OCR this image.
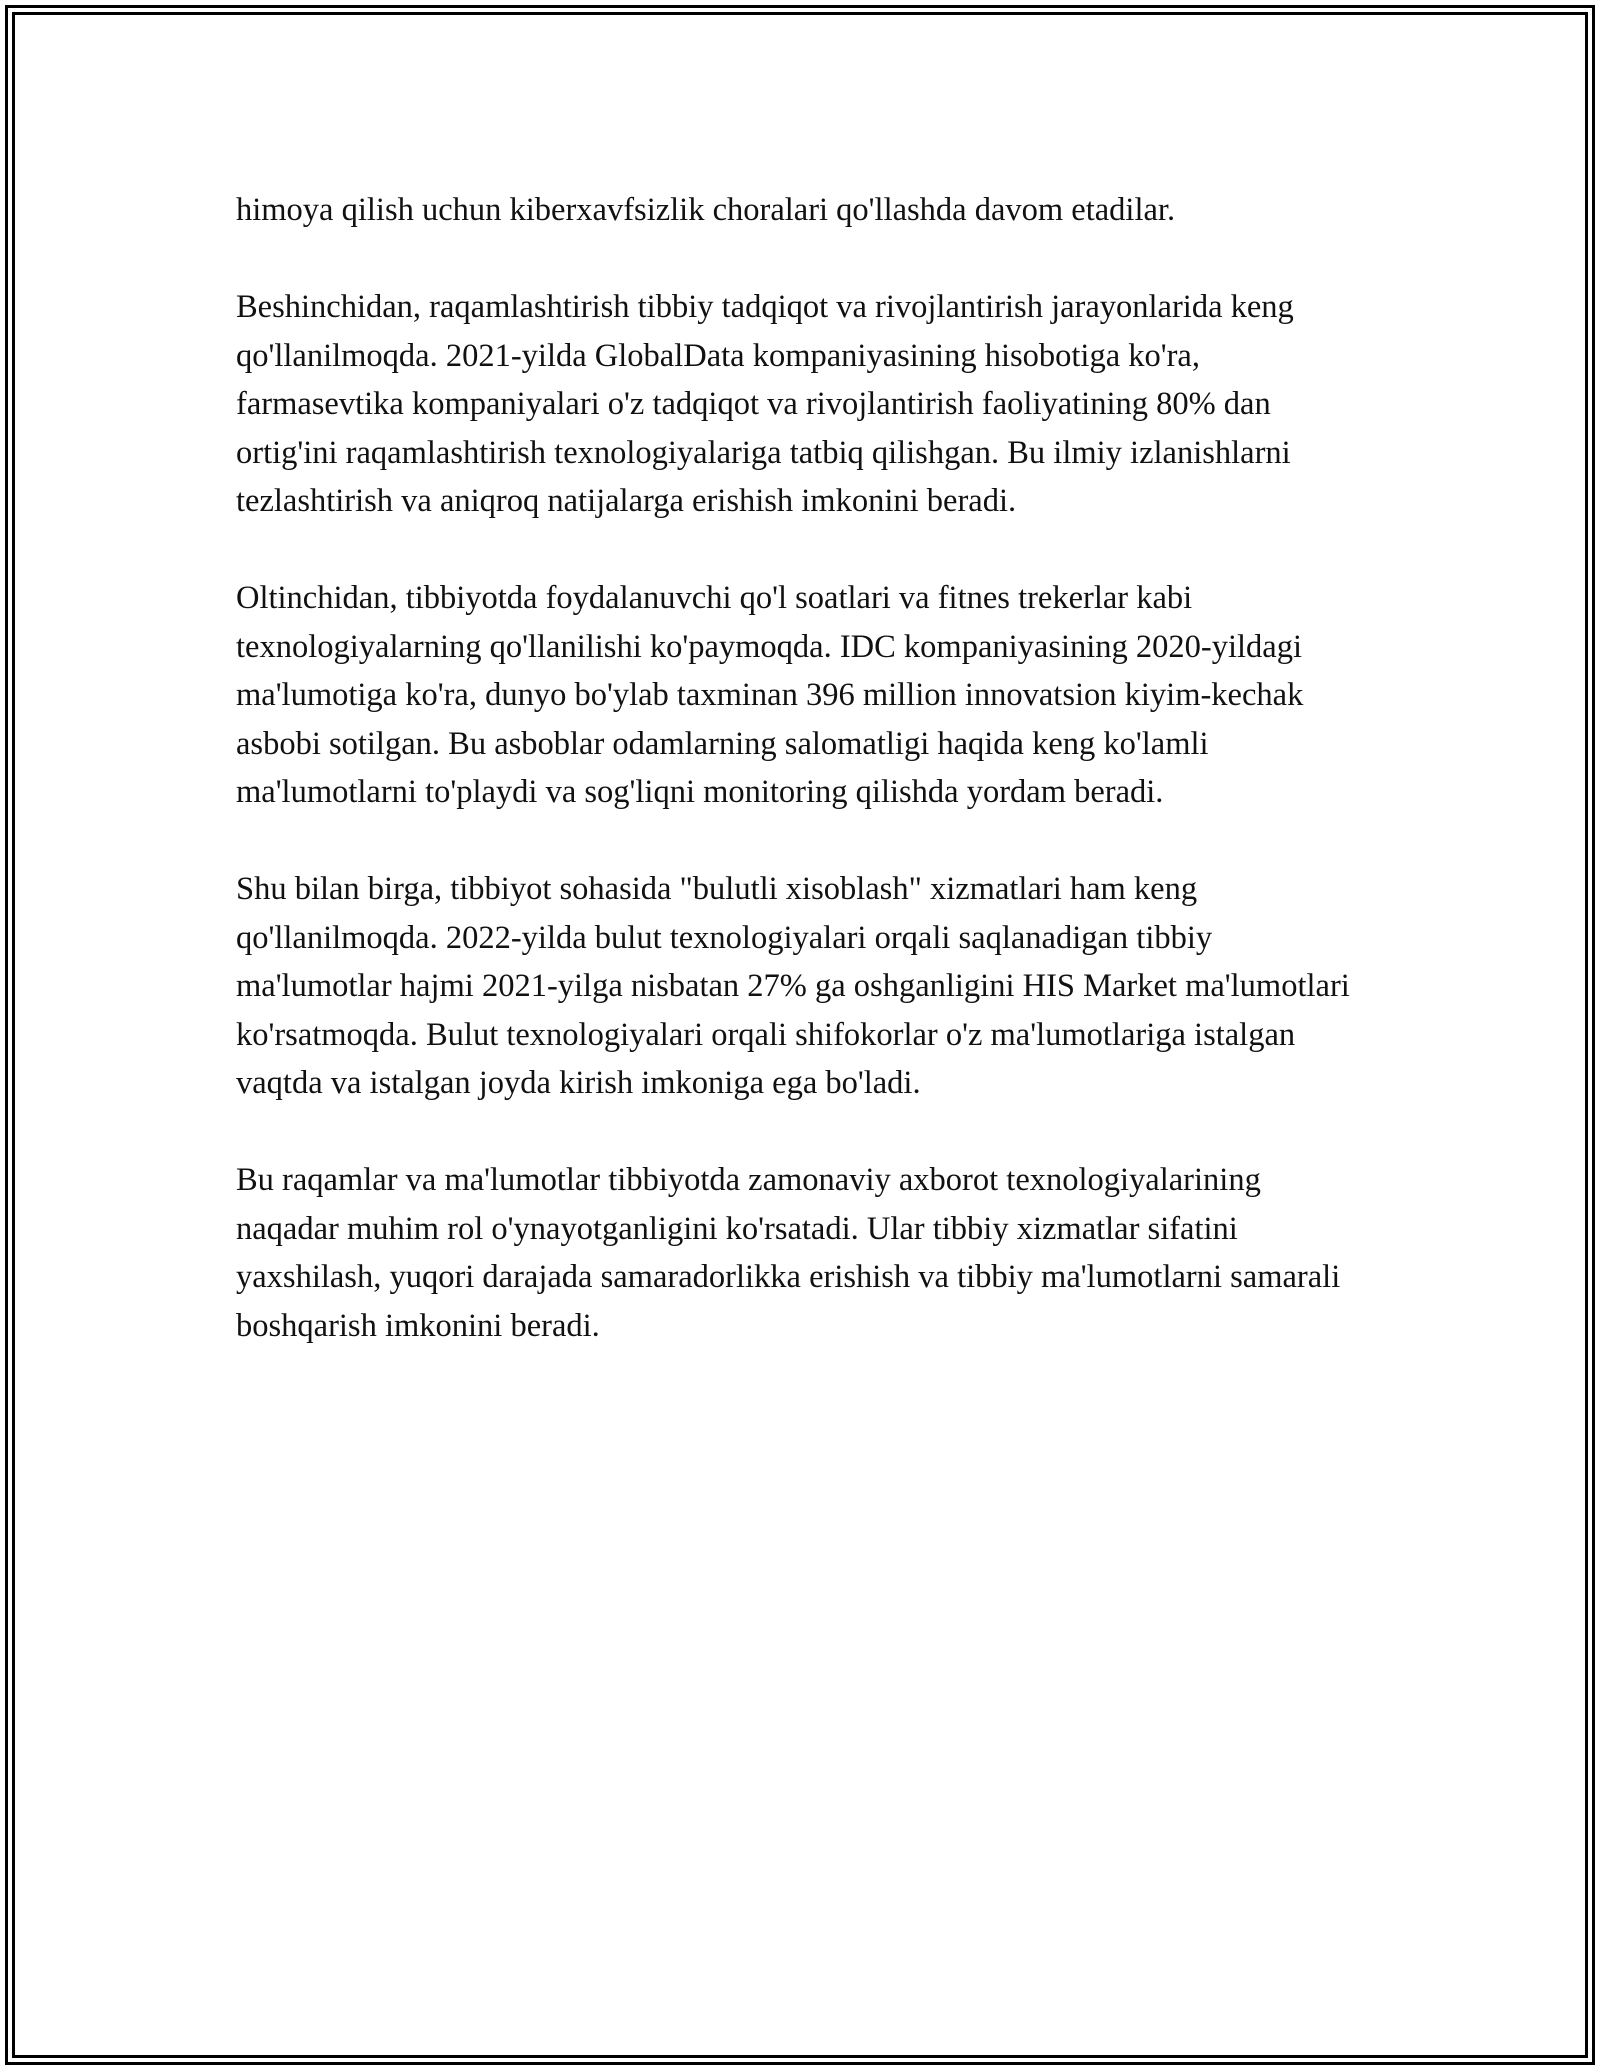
himoya qilish uchun kiberxavfsizlik choralari qo'llashda davom etadilar.

Beshinchidan, raqamlashtirish tibbiy tadqiqot va rivojlantirish jarayonlarida keng qo'llanilmoqda. 2021-yilda GlobalData kompaniyasining hisobotiga ko'ra, farmasevtika kompaniyalari o'z tadqiqot va rivojlantirish faoliyatining 80% dan ortig'ini raqamlashtirish texnologiyalariga tatbiq qilishgan. Bu ilmiy izlanishlarni tezlashtirish va aniqroq natijalarga erishish imkonini beradi.

Oltinchidan, tibbiyotda foydalanuvchi qo'l soatlari va fitnes trekerlar kabi texnologiyalarning qo'llanilishi ko'paymoqda. IDC kompaniyasining 2020-yildagi ma'lumotiga ko'ra, dunyo bo'ylab taxminan 396 million innovatsion kiyim-kechak asbobi sotilgan. Bu asboblar odamlarning salomatligi haqida keng ko'lamli ma'lumotlarni to'playdi va sog'liqni monitoring qilishda yordam beradi.

Shu bilan birga, tibbiyot sohasida "bulutli xisoblash" xizmatlari ham keng qo'llanilmoqda. 2022-yilda bulut texnologiyalari orqali saqlanadigan tibbiy ma'lumotlar hajmi 2021-yilga nisbatan 27% ga oshganligini HIS Market ma'lumotlari ko'rsatmoqda. Bulut texnologiyalari orqali shifokorlar o'z ma'lumotlariga istalgan vaqtda va istalgan joyda kirish imkoniga ega bo'ladi.

Bu raqamlar va ma'lumotlar tibbiyotda zamonaviy axborot texnologiyalarining naqadar muhim rol o'ynayotganligini ko'rsatadi. Ular tibbiy xizmatlar sifatini yaxshilash, yuqori darajada samaradorlikka erishish va tibbiy ma'lumotlarni samarali boshqarish imkonini beradi.
